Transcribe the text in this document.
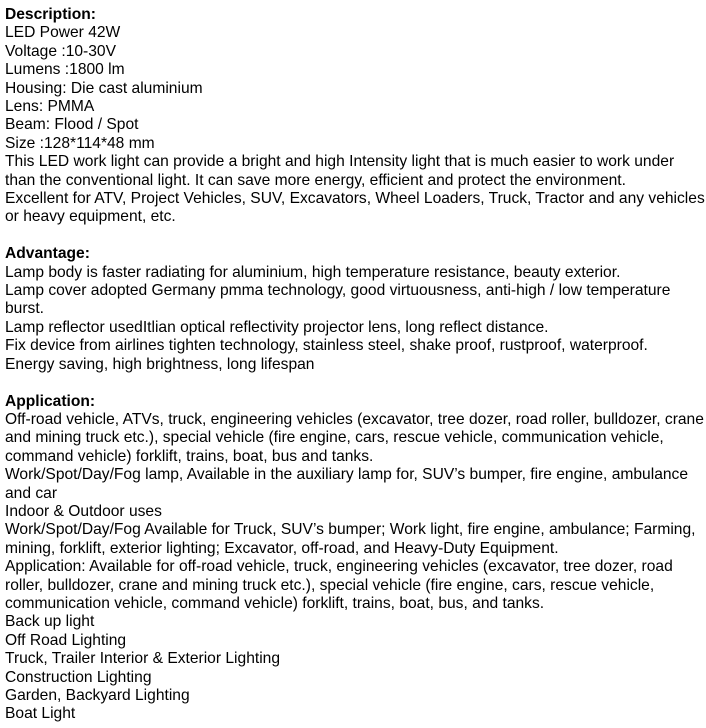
Description:

LED Power 42W

Voltage :10-30V

Lumens :1800 lm

Housing: Die cast aluminium

Lens: PMMA

Beam: Flood / Spot

Size :128*114*48 mm

This LED work light can provide a bright and high Intensity light that is much easier to work under than the conventional light. It can save more energy, efficient and protect the environment.

Excellent for ATV, Project Vehicles, SUV, Excavators, Wheel Loaders, Truck, Tractor and any vehicles or heavy equipment, etc.

Advantage:

Lamp body is faster radiating for aluminium, high temperature resistance, beauty exterior.

Lamp cover adopted Germany pmma technology, good virtuousness, anti-high / low temperature burst.

Lamp reflector usedItlian optical reflectivity projector lens, long reflect distance.

Fix device from airlines tighten technology, stainless steel, shake proof, rustproof, waterproof.

Energy saving, high brightness, long lifespan

Application:

Off-road vehicle, ATVs, truck, engineering vehicles (excavator, tree dozer, road roller, bulldozer, crane and mining truck etc.), special vehicle (fire engine, cars, rescue vehicle, communication vehicle, command vehicle) forklift, trains, boat, bus and tanks.

Work/Spot/Day/Fog lamp, Available in the auxiliary lamp for, SUV’s bumper, fire engine, ambulance and car

Indoor & Outdoor uses

Work/Spot/Day/Fog Available for Truck, SUV’s bumper; Work light, fire engine, ambulance; Farming, mining, forklift, exterior lighting; Excavator, off-road, and Heavy-Duty Equipment.

Application: Available for off-road vehicle, truck, engineering vehicles (excavator, tree dozer, road roller, bulldozer, crane and mining truck etc.), special vehicle (fire engine, cars, rescue vehicle, communication vehicle, command vehicle) forklift, trains, boat, bus, and tanks.

Back up light

Off Road Lighting

Truck, Trailer Interior & Exterior Lighting

Construction Lighting

Garden, Backyard Lighting

Boat Light
